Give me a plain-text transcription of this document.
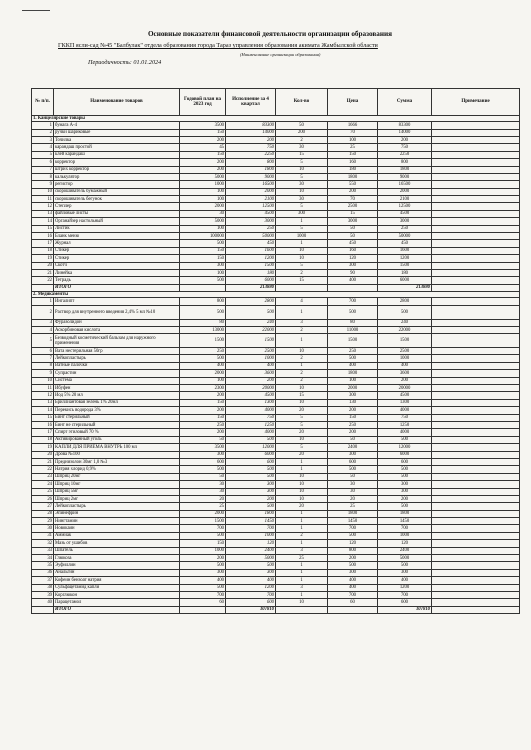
Основные показатели финансовой деятельности организации образования
ГККП ясли-сад №45 "Балбулак" отдела образования города Тараз управления образования акимата Жамбылской области
(Наименование организации образования)
Периодичность: 01.01.2024
№ п/п.	Наименование товаров	Годовой план на 2023 год	Исполнение за 4 квартал	Кол-во	Цена	Сумма	Примечание
1. Канцелярские товары							
1	бумага А-4	3500	83300	50	1666	83300	
2	ручки шариковые	150	14000	200	70	14000	
3	Точилка	200	200	2	100	200	
4	карандаш простой	45	750	30	25	750	
5	клей карандаш	150	2250	15	150	2250	
6	корректор	200	800	5	160	800	
7	штрих корректор	200	1800	10	180	1800	
8	калькулятор	5000	9000	5	1800	9000	
9	регистор	1000	16500	30	550	16500	
10	скорошиватель бумажный	100	2000	10	200	2000	
11	скорошиватель бегунок	100	2100	30	70	2100	
12	Степлер	2000	12500	5	2500	12500	
13	файловые листы	30	4500	300	15	4500	
14	Органайзер настольный	5000	3000	1	3000	3000	
15	Листик	100	250	5	50	250	
16	Бланк меню	100000	50000	1000	50	50000	
17	Журнал	500	450	1	450	450	
18	Стикер	150	1600	10	160	1600	
19	Стикер	150	1200	10	120	1200	
20	Скотч	300	1500	5	300	1500	
21	Линейка	100	180	2	90	180	
22	Тетрадь	500	6000	15	400	6000	
	ИТОГО		213880			213880	
2. Медикаменты							
1	Ингалипт	800	2800	4	700	2800	
2	Раствор для внутреннего введения 2,4% 5 мл №10	500	500	1	500	500	
3	Фуразолидон	80	240	3	80	240	
4	Аскорбиновая кислота	13000	22000	2	11000	22000	
5	Безводный косметический бальзам для наружного применения	1500	1500	1	1500	1500	
6	Вата нестерильная 50гр	250	2500	10	250	2500	
7	Лейкопластырь	500	1000	2	500	1000	
8	Ватные палочки	400	400	1	400	400	
9	Супрастин	2000	3600	2	1800	3600	
10	Система	100	200	2	100	200	
11	Ибуфен	2300	20000	10	2000	20000	
12	Иод 5% 20 мл	200	4500	15	300	4500	
13	Бриллиантовая зелень 1% 20мл	150	1300	10	130	1300	
14	Перекись водорода 3%	200	4000	20	200	4000	
15	Бинт стерильный	150	750	5	150	750	
16	Бинт не стерильный	250	1250	5	250	1250	
17	Спирт этиловый 70 %	200	4000	20	200	4000	
18	Активированный уголь	50	500	10	50	500	
19	КАПЛИ ДЛЯ ПРИЕМА ВНУТРЬ 100 мл	3500	12000	5	2400	12000	
20	Дрова №100	300	6000	20	300	6000	
21	Преднизолон 30мг 1,0 №3	600	600	1	600	600	
22	Натрия хлорид 0,9%	500	500	1	500	500	
23	Шприц 20мг	50	500	10	50	500	
24	Шприц 10мг	30	300	10	30	300	
25	Шприц 5мг	30	300	10	30	300	
26	Шприц 2мг	20	200	10	20	200	
27	Лейкопластырь	25	500	20	25	500	
28	Эпинефрин	2000	1800	1	1800	1800	
29	Нингтамин	1500	1450	1	1450	1450	
30	Новокаин	700	700	1	700	700	
31	Аммиак	500	1000	2	500	1000	
32	Мазь от ушибов	150	120	1	120	120	
33	Шпатель	1000	2400	3	800	2400	
34	Глюкоза	200	5000	25	200	5000	
35	Эуфиллин	500	500	1	500	500	
36	Анальгин	300	300	1	300	300	
37	Кофеин бензоат натрия	400	400	1	400	400	
38	Сульфацетамид капли	500	1200	3	400	1200	
39	Корглюкон	700	700	1	700	700	
40	Парацетамол	60	600	10	60	600	
	ИТОГО		107810			107810	
